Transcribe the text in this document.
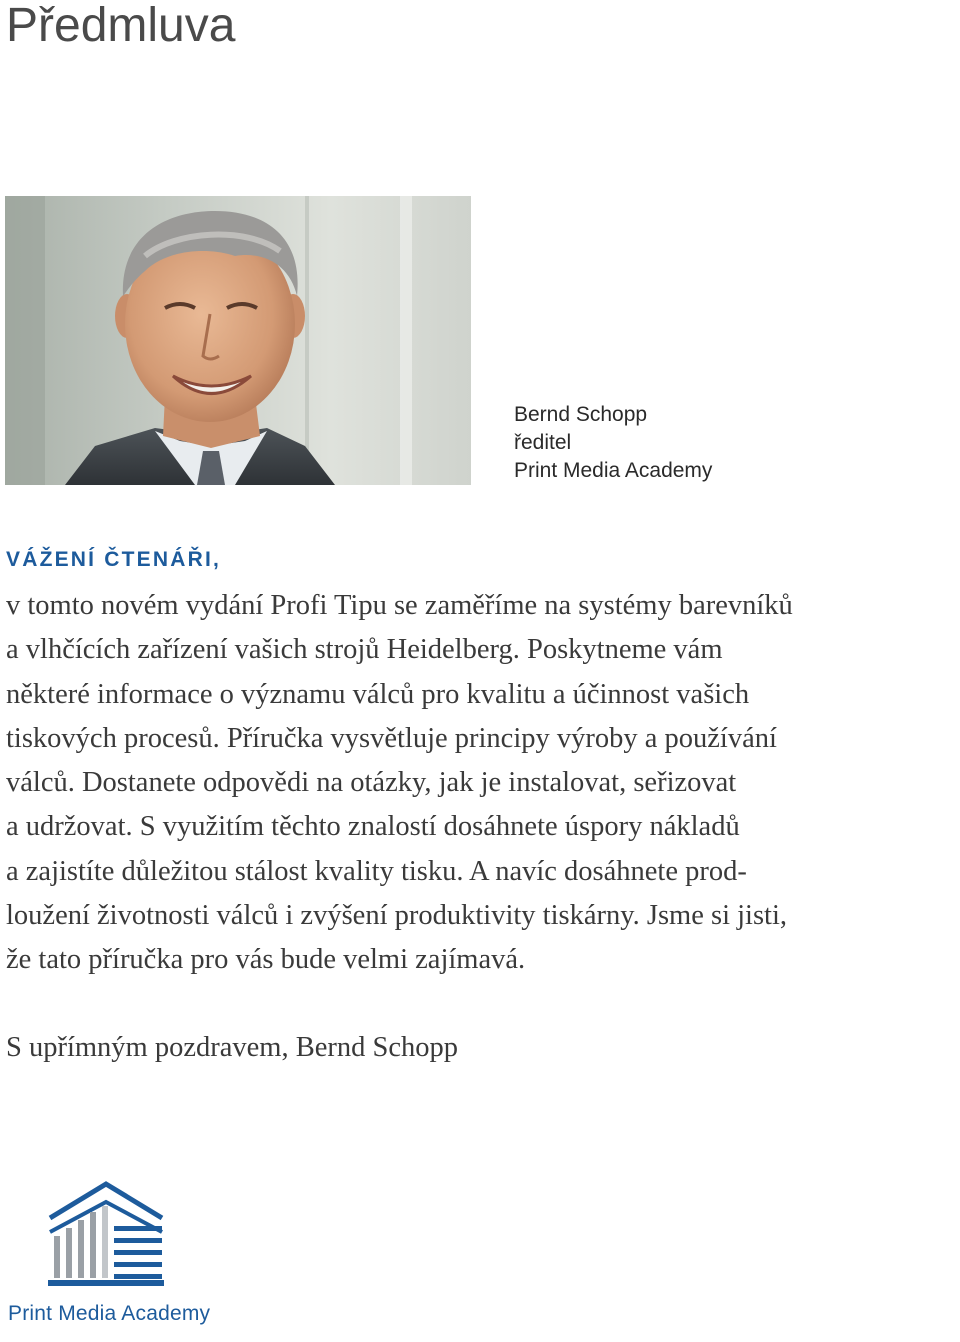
Předmluva
Bernd Schopp
ředitel
Print Media Academy
VÁŽENÍ ČTENÁŘI,
v tomto novém vydání Profi Tipu se zaměříme na systémy barevníků
a vlhčících zařízení vašich strojů Heidelberg. Poskytneme vám
některé informace o významu válců pro kvalitu a účinnost vašich
tiskových procesů. Příručka vysvětluje principy výroby a používání
válců. Dostanete odpovědi na otázky, jak je instalovat, seřizovat
a udržovat. S využitím těchto znalostí dosáhnete úspory nákladů
a zajistíte důležitou stálost kvality tisku. A navíc dosáhnete prod-
loužení životnosti válců i zvýšení produktivity tiskárny. Jsme si jisti,
že tato příručka pro vás bude velmi zajímavá.
S upřímným pozdravem, Bernd Schopp
Print Media Academy
